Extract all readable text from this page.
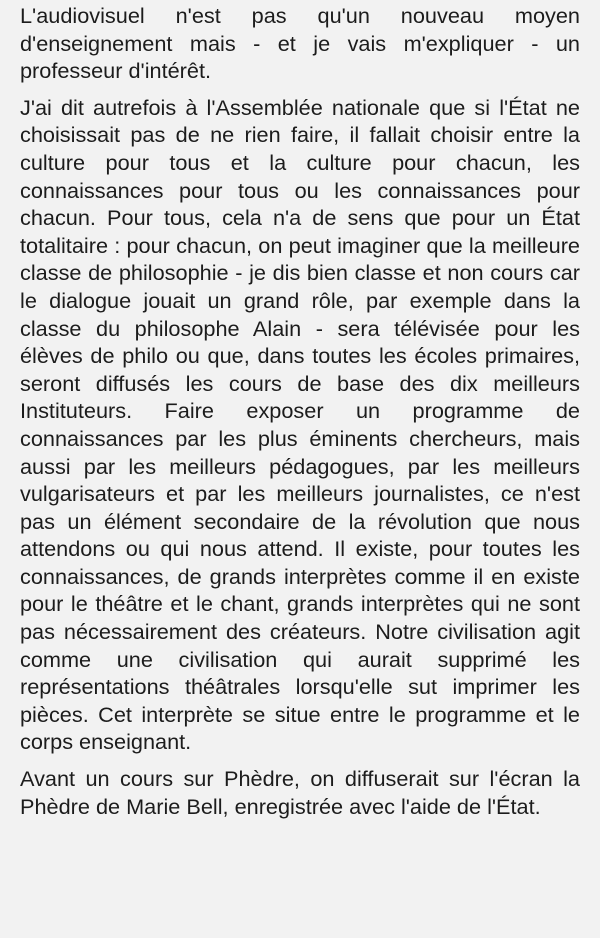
L'audiovisuel n'est pas qu'un nouveau moyen d'enseignement mais - et je vais m'expliquer - un professeur d'intérêt.

J'ai dit autrefois à l'Assemblée nationale que si l'État ne choisissait pas de ne rien faire, il fallait choisir entre la culture pour tous et la culture pour chacun, les connaissances pour tous ou les connaissances pour chacun. Pour tous, cela n'a de sens que pour un État totalitaire : pour chacun, on peut imaginer que la meilleure classe de philosophie - je dis bien classe et non cours car le dialogue jouait un grand rôle, par exemple dans la classe du philosophe Alain - sera télévisée pour les élèves de philo ou que, dans toutes les écoles primaires, seront diffusés les cours de base des dix meilleurs Instituteurs. Faire exposer un programme de connaissances par les plus éminents chercheurs, mais aussi par les meilleurs pédagogues, par les meilleurs vulgarisateurs et par les meilleurs journalistes, ce n'est pas un élément secondaire de la révolution que nous attendons ou qui nous attend. Il existe, pour toutes les connaissances, de grands interprètes comme il en existe pour le théâtre et le chant, grands interprètes qui ne sont pas nécessairement des créateurs. Notre civilisation agit comme une civilisation qui aurait supprimé les représentations théâtrales lorsqu'elle sut imprimer les pièces. Cet interprète se situe entre le programme et le corps enseignant.

Avant un cours sur Phèdre, on diffuserait sur l'écran la Phèdre de Marie Bell, enregistrée avec l'aide de l'État.
